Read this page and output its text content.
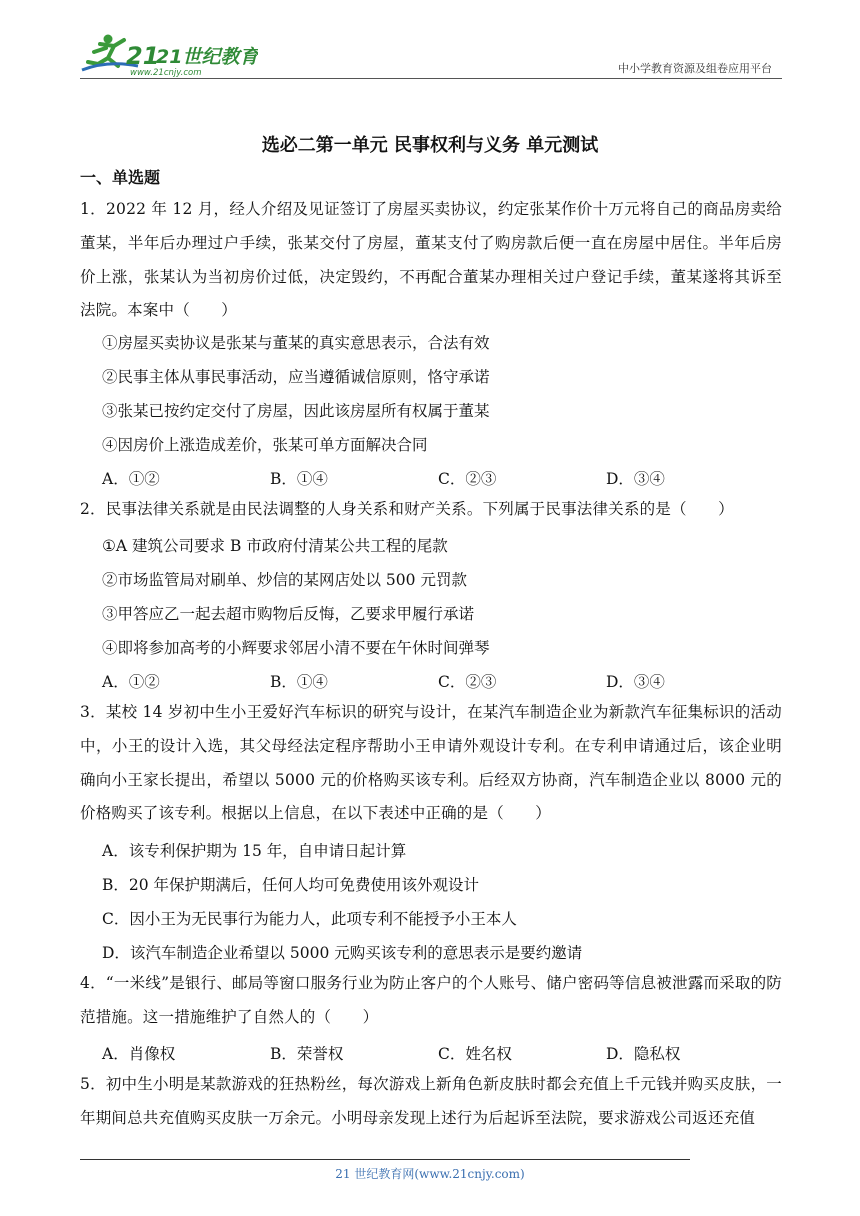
21
21世纪教育
www.21cnjy.com	中小学教育资源及组卷应用平台
选必二第一单元 民事权利与义务 单元测试
一、单选题
1．2022 年 12 月，经人介绍及见证签订了房屋买卖协议，约定张某作价十万元将自己的商品房卖给董某，半年后办理过户手续，张某交付了房屋，董某支付了购房款后便一直在房屋中居住。半年后房价上涨，张某认为当初房价过低，决定毁约，不再配合董某办理相关过户登记手续，董某遂将其诉至法院。本案中（　　）
①房屋买卖协议是张某与董某的真实意思表示，合法有效
②民事主体从事民事活动，应当遵循诚信原则，恪守承诺
③张某已按约定交付了房屋，因此该房屋所有权属于董某
④因房价上涨造成差价，张某可单方面解决合同
A．①②	B．①④	C．②③	D．③④
2．民事法律关系就是由民法调整的人身关系和财产关系。下列属于民事法律关系的是（　　）
①A 建筑公司要求 B 市政府付清某公共工程的尾款
②市场监管局对刷单、炒信的某网店处以 500 元罚款
③甲答应乙一起去超市购物后反悔，乙要求甲履行承诺
④即将参加高考的小辉要求邻居小清不要在午休时间弹琴
A．①②	B．①④	C．②③	D．③④
3．某校 14 岁初中生小王爱好汽车标识的研究与设计，在某汽车制造企业为新款汽车征集标识的活动中，小王的设计入选，其父母经法定程序帮助小王申请外观设计专利。在专利申请通过后，该企业明确向小王家长提出，希望以 5000 元的价格购买该专利。后经双方协商，汽车制造企业以 8000 元的价格购买了该专利。根据以上信息，在以下表述中正确的是（　　）
A．该专利保护期为 15 年，自申请日起计算
B．20 年保护期满后，任何人均可免费使用该外观设计
C．因小王为无民事行为能力人，此项专利不能授予小王本人
D．该汽车制造企业希望以 5000 元购买该专利的意思表示是要约邀请
4．“一米线”是银行、邮局等窗口服务行业为防止客户的个人账号、储户密码等信息被泄露而采取的防范措施。这一措施维护了自然人的（　　）
A．肖像权	B．荣誉权	C．姓名权	D．隐私权
5．初中生小明是某款游戏的狂热粉丝，每次游戏上新角色新皮肤时都会充值上千元钱并购买皮肤，一年期间总共充值购买皮肤一万余元。小明母亲发现上述行为后起诉至法院，要求游戏公司返还充值
21 世纪教育网(www.21cnjy.com)
